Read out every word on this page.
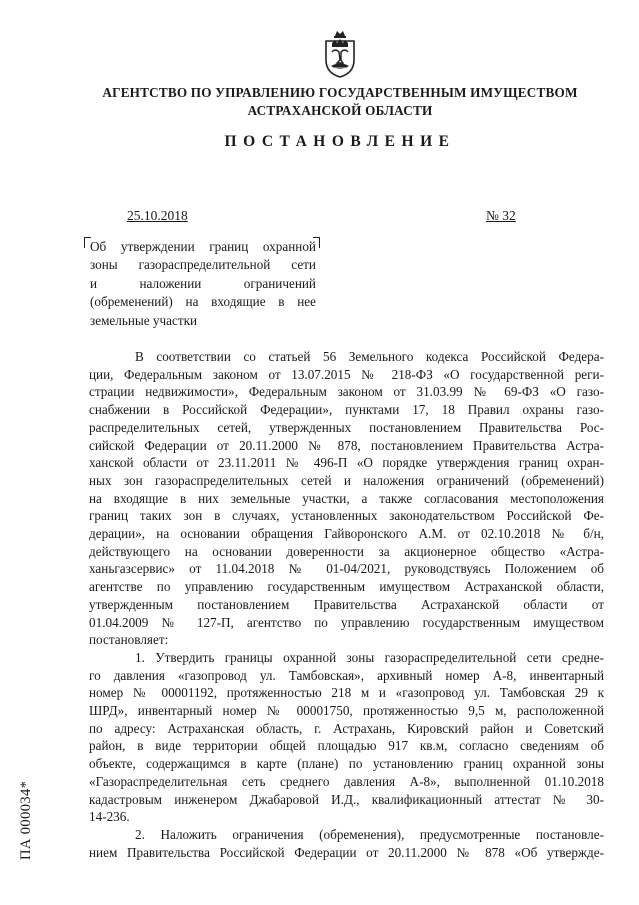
АГЕНТСТВО ПО УПРАВЛЕНИЮ ГОСУДАРСТВЕННЫМ ИМУЩЕСТВОМ
АСТРАХАНСКОЙ ОБЛАСТИ
ПОСТАНОВЛЕНИЕ
25.10.2018	№ 32
Об утверждении границ охранной
зоны газораспределительной сети
и наложении ограничений
(обременений) на входящие в нее
земельные участки

В соответствии со статьей 56 Земельного кодекса Российской Федера-
ции, Федеральным законом от 13.07.2015 № 218-ФЗ «О государственной реги-
страции недвижимости», Федеральным законом от 31.03.99 № 69-ФЗ «О газо-
снабжении в Российской Федерации», пунктами 17, 18 Правил охраны газо-
распределительных сетей, утвержденных постановлением Правительства Рос-
сийской Федерации от 20.11.2000 № 878, постановлением Правительства Астра-
ханской области от 23.11.2011 № 496-П «О порядке утверждения границ охран-
ных зон газораспределительных сетей и наложения ограничений (обременений)
на входящие в них земельные участки, а также согласования местоположения
границ таких зон в случаях, установленных законодательством Российской Фе-
дерации», на основании обращения Гайворонского А.М. от 02.10.2018 № б/н,
действующего на основании доверенности за акционерное общество «Астра-
ханьгазсервис» от 11.04.2018 № 01-04/2021, руководствуясь Положением об
агентстве по управлению государственным имуществом Астраханской области,
утвержденным постановлением Правительства Астраханской области от
01.04.2009 № 127-П, агентство по управлению государственным имуществом
постановляет:

1. Утвердить границы охранной зоны газораспределительной сети средне-
го давления «газопровод ул. Тамбовская», архивный номер А-8, инвентарный
номер № 00001192, протяженностью 218 м и «газопровод ул. Тамбовская 29 к
ШРД», инвентарный номер № 00001750, протяженностью 9,5 м, расположенной
по адресу: Астраханская область, г. Астрахань, Кировский район и Советский
район, в виде территории общей площадью 917 кв.м, согласно сведениям об
объекте, содержащимся в карте (плане) по установлению границ охранной зоны
«Газораспределительная сеть среднего давления А-8», выполненной 01.10.2018
кадастровым инженером Джабаровой И.Д., квалификационный аттестат № 30-
14-236.

2. Наложить ограничения (обременения), предусмотренные постановле-
нием Правительства Российской Федерации от 20.11.2000 № 878 «Об утверждe-

ПА 000034*
